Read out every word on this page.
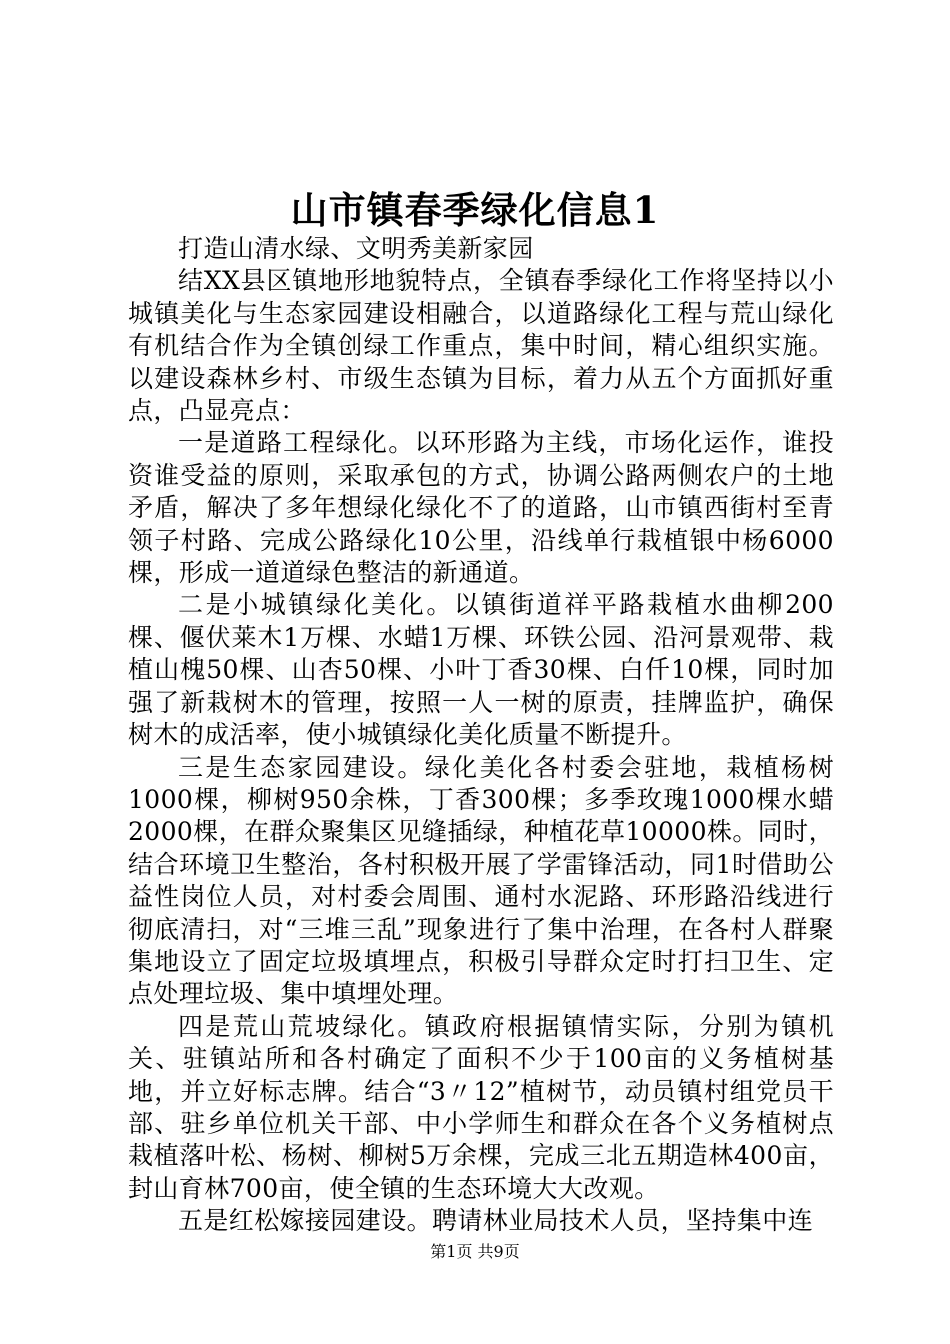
山市镇春季绿化信息1

打造山清水绿、文明秀美新家园

结XX县区镇地形地貌特点，全镇春季绿化工作将坚持以小城镇美化与生态家园建设相融合，以道路绿化工程与荒山绿化有机结合作为全镇创绿工作重点，集中时间，精心组织实施。以建设森林乡村、市级生态镇为目标，着力从五个方面抓好重点，凸显亮点：

一是道路工程绿化。以环形路为主线，市场化运作，谁投资谁受益的原则，采取承包的方式，协调公路两侧农户的土地矛盾，解决了多年想绿化绿化不了的道路，山市镇西街村至青领子村路、完成公路绿化10公里，沿线单行栽植银中杨6000棵，形成一道道绿色整洁的新通道。

二是小城镇绿化美化。以镇街道祥平路栽植水曲柳200棵、偃伏莱木1万棵、水蜡1万棵、环铁公园、沿河景观带、栽植山槐50棵、山杏50棵、小叶丁香30棵、白仟10棵，同时加强了新栽树木的管理，按照一人一树的原责，挂牌监护，确保树木的成活率，使小城镇绿化美化质量不断提升。

三是生态家园建设。绿化美化各村委会驻地，栽植杨树1000棵，柳树950余株，丁香300棵；多季玫瑰1000棵水蜡2000棵，在群众聚集区见缝插绿，种植花草10000株。同时，结合环境卫生整治，各村积极开展了学雷锋活动，同1时借助公益性岗位人员，对村委会周围、通村水泥路、环形路沿线进行彻底清扫，对“三堆三乱”现象进行了集中治理，在各村人群聚集地设立了固定垃圾填埋点，积极引导群众定时打扫卫生、定点处理垃圾、集中填埋处理。

四是荒山荒坡绿化。镇政府根据镇情实际，分别为镇机关、驻镇站所和各村确定了面积不少于100亩的义务植树基地，并立好标志牌。结合“3〃12”植树节，动员镇村组党员干部、驻乡单位机关干部、中小学师生和群众在各个义务植树点栽植落叶松、杨树、柳树5万余棵，完成三北五期造林400亩，封山育林700亩，使全镇的生态环境大大改观。

五是红松嫁接园建设。聘请林业局技术人员，坚持集中连

第1页 共9页
